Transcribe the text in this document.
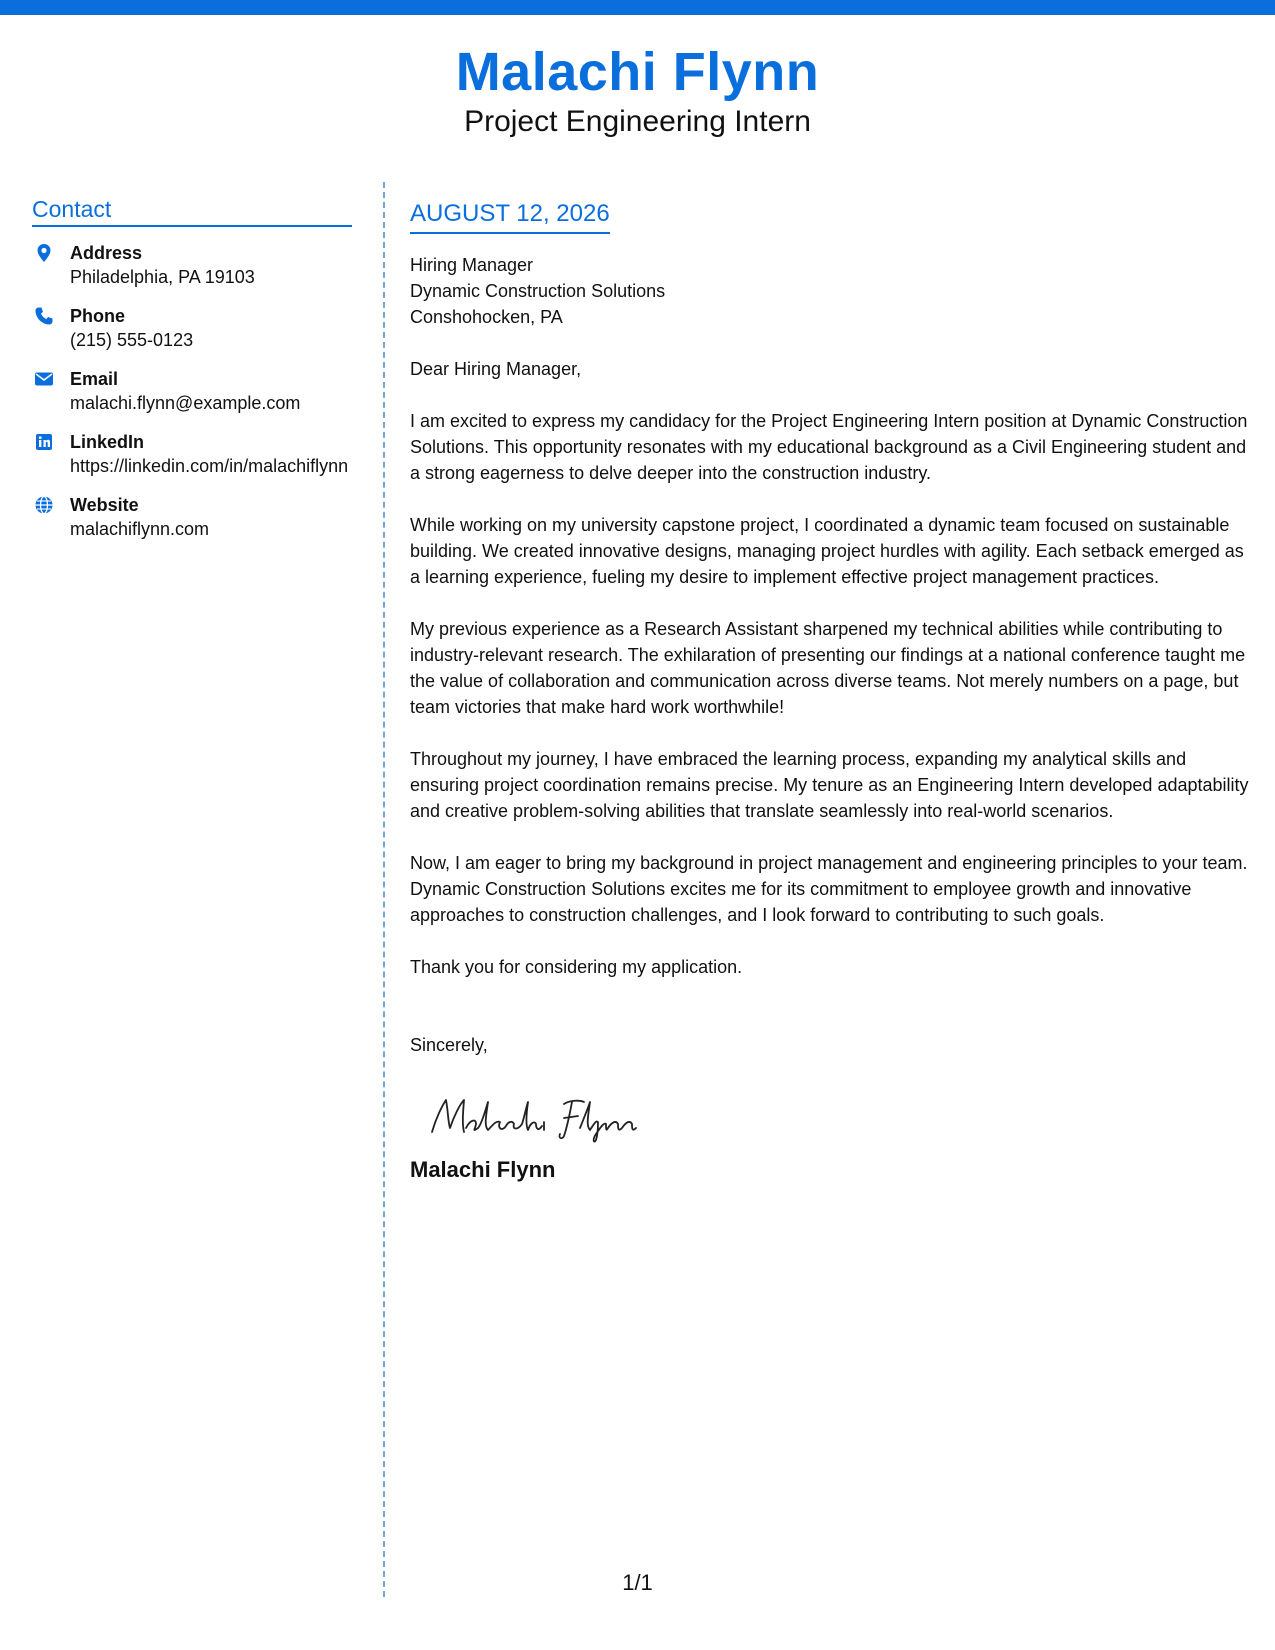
Malachi Flynn
Project Engineering Intern
Contact
Address
Philadelphia, PA 19103
Phone
(215) 555-0123
Email
malachi.flynn@example.com
LinkedIn
https://linkedin.com/in/malachiflynn
Website
malachiflynn.com
AUGUST 12, 2026
Hiring Manager
Dynamic Construction Solutions
Conshohocken, PA

Dear Hiring Manager,

I am excited to express my candidacy for the Project Engineering Intern position at Dynamic Construction Solutions. This opportunity resonates with my educational background as a Civil Engineering student and a strong eagerness to delve deeper into the construction industry.

While working on my university capstone project, I coordinated a dynamic team focused on sustainable building. We created innovative designs, managing project hurdles with agility. Each setback emerged as a learning experience, fueling my desire to implement effective project management practices.

My previous experience as a Research Assistant sharpened my technical abilities while contributing to industry-relevant research. The exhilaration of presenting our findings at a national conference taught me the value of collaboration and communication across diverse teams. Not merely numbers on a page, but team victories that make hard work worthwhile!

Throughout my journey, I have embraced the learning process, expanding my analytical skills and ensuring project coordination remains precise. My tenure as an Engineering Intern developed adaptability and creative problem-solving abilities that translate seamlessly into real-world scenarios.

Now, I am eager to bring my background in project management and engineering principles to your team. Dynamic Construction Solutions excites me for its commitment to employee growth and innovative approaches to construction challenges, and I look forward to contributing to such goals.

Thank you for considering my application.

Sincerely,

Malachi Flynn
1/1
